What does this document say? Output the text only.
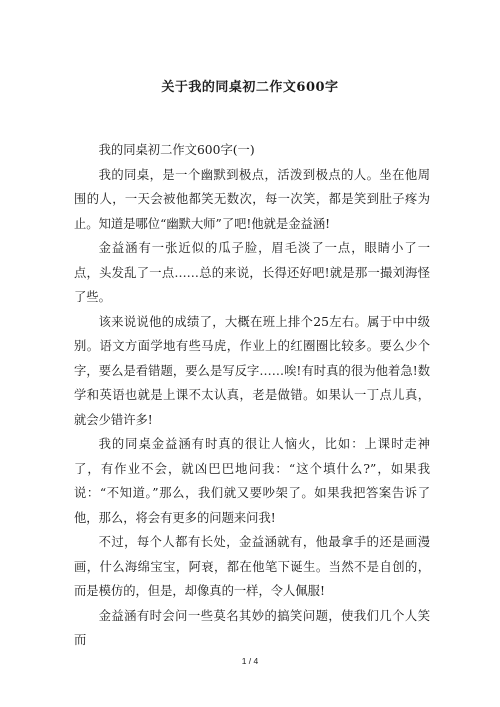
关于我的同桌初二作文600字

我的同桌初二作文600字(一)

我的同桌，是一个幽默到极点，活泼到极点的人。坐在他周围的人，一天会被他都笑无数次，每一次笑，都是笑到肚子疼为止。知道是哪位“幽默大师”了吧!他就是金益涵!

金益涵有一张近似的瓜子脸，眉毛淡了一点，眼睛小了一点，头发乱了一点……总的来说，长得还好吧!就是那一撮刘海怪了些。

该来说说他的成绩了，大概在班上排个25左右。属于中中级别。语文方面学地有些马虎，作业上的红圈圈比较多。要么少个字，要么是看错题，要么是写反字……唉!有时真的很为他着急!数学和英语也就是上课不太认真，老是做错。如果认一丁点儿真，就会少错许多!

我的同桌金益涵有时真的很让人恼火，比如：上课时走神了，有作业不会，就凶巴巴地问我：“这个填什么?”，如果我说：“不知道。”那么，我们就又要吵架了。如果我把答案告诉了他，那么，将会有更多的问题来问我!

不过，每个人都有长处，金益涵就有，他最拿手的还是画漫画，什么海绵宝宝，阿衰，都在他笔下诞生。当然不是自创的，而是模仿的，但是，却像真的一样，令人佩服!

金益涵有时会问一些莫名其妙的搞笑问题，使我们几个人笑而

1 / 4
